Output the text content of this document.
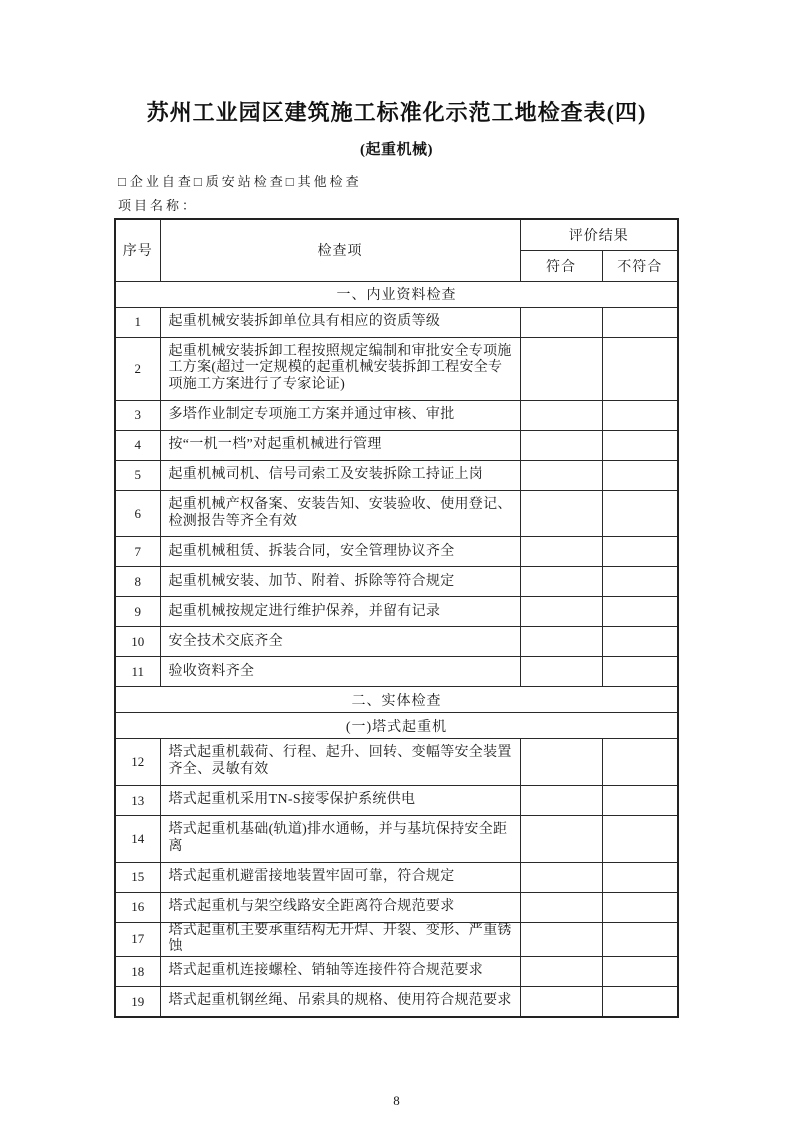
苏州工业园区建筑施工标准化示范工地检查表(四)
(起重机械)
□企业自查□质安站检查□其他检查
项目名称：
序号	检查项	评价结果	
		符合	不符合
一、内业资料检查			
1	起重机械安装拆卸单位具有相应的资质等级		
2	起重机械安装拆卸工程按照规定编制和审批安全专项施工方案(超过一定规模的起重机械安装拆卸工程安全专项施工方案进行了专家论证)		
3	多塔作业制定专项施工方案并通过审核、审批		
4	按“一机一档”对起重机械进行管理		
5	起重机械司机、信号司索工及安装拆除工持证上岗		
6	起重机械产权备案、安装告知、安装验收、使用登记、检测报告等齐全有效		
7	起重机械租赁、拆装合同，安全管理协议齐全		
8	起重机械安装、加节、附着、拆除等符合规定		
9	起重机械按规定进行维护保养，并留有记录		
10	安全技术交底齐全		
11	验收资料齐全		
二、实体检查			
(一)塔式起重机			
12	塔式起重机载荷、行程、起升、回转、变幅等安全装置齐全、灵敏有效		
13	塔式起重机采用TN-S接零保护系统供电		
14	塔式起重机基础(轨道)排水通畅，并与基坑保持安全距离		
15	塔式起重机避雷接地装置牢固可靠，符合规定		
16	塔式起重机与架空线路安全距离符合规范要求		
17	塔式起重机主要承重结构无开焊、开裂、变形、严重锈蚀		
18	塔式起重机连接螺栓、销轴等连接件符合规范要求		
19	塔式起重机钢丝绳、吊索具的规格、使用符合规范要求		
8
